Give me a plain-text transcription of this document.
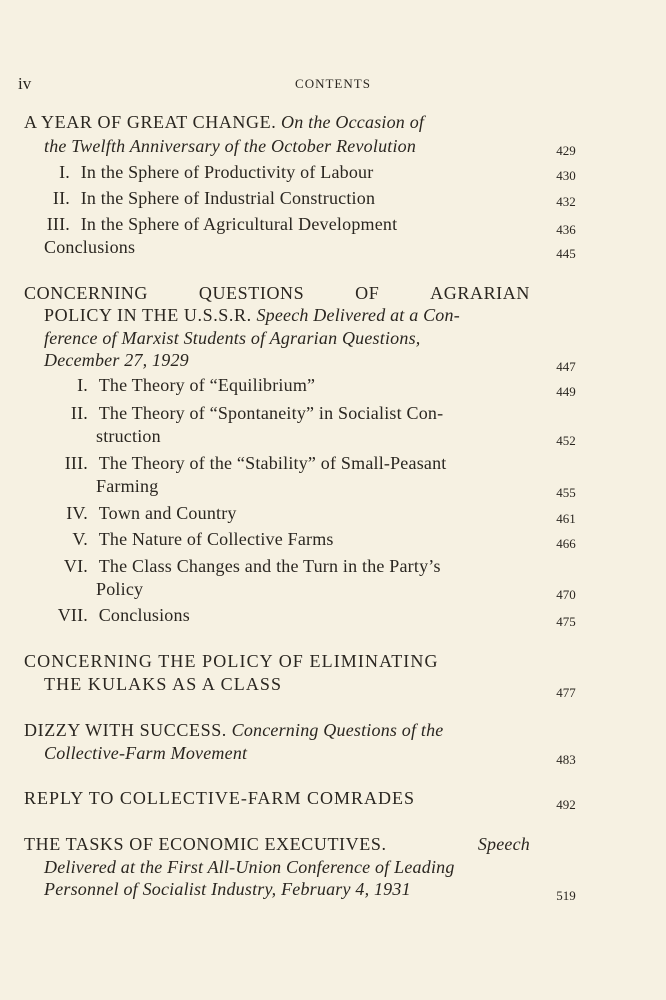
iv	CONTENTS
A YEAR OF GREAT CHANGE. On the Occasion of
the Twelfth Anniversary of the October Revolution	429
I. In the Sphere of Productivity of Labour	430
II. In the Sphere of Industrial Construction	432
III. In the Sphere of Agricultural Development	436
Conclusions	445
CONCERNING	QUESTIONS	OF	AGRARIAN
POLICY IN THE U.S.S.R. Speech Delivered at a Con-
ference of Marxist Students of Agrarian Questions,
December 27, 1929	447
I. The Theory of “Equilibrium”	449
II. The Theory of “Spontaneity” in Socialist Con-
struction	452
III. The Theory of the “Stability” of Small-Peasant
Farming	455
IV. Town and Country	461
V. The Nature of Collective Farms	466
VI. The Class Changes and the Turn in the Party’s
Policy	470
VII. Conclusions	475
CONCERNING THE POLICY OF ELIMINATING
THE KULAKS AS A CLASS	477
DIZZY WITH SUCCESS. Concerning Questions of the
Collective-Farm Movement	483
REPLY TO COLLECTIVE-FARM COMRADES	492
THE TASKS OF ECONOMIC EXECUTIVES.	Speech
Delivered at the First All-Union Conference of Leading
Personnel of Socialist Industry, February 4, 1931	519
